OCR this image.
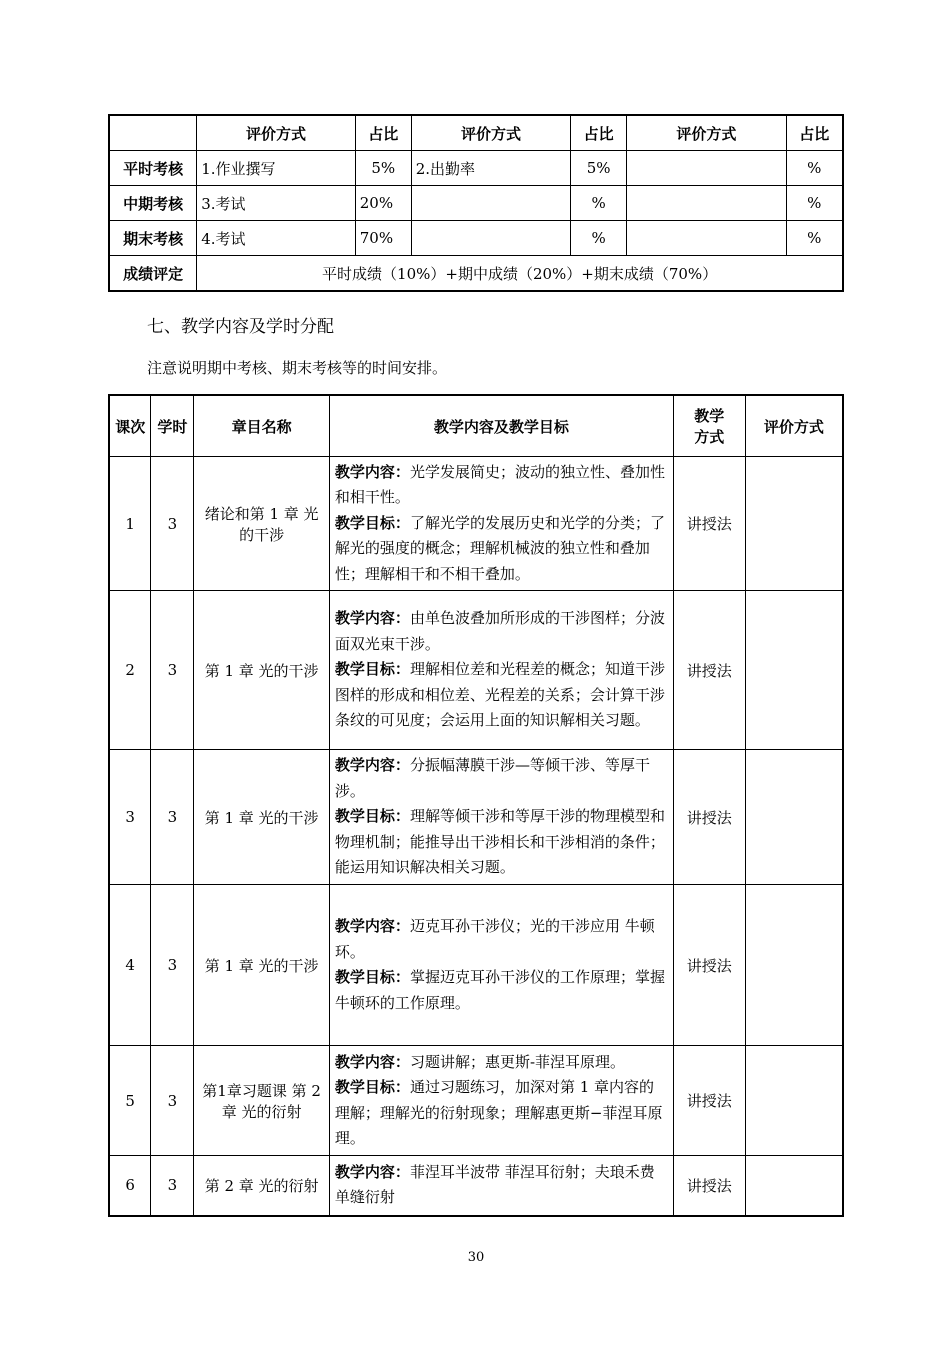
	评价方式	占比	评价方式	占比	评价方式	占比
平时考核	1.作业撰写	5%	2.出勤率	5%		%
中期考核	3.考试	20%		%		%
期末考核	4.考试	70%		%		%
成绩评定	平时成绩（10%）+期中成绩（20%）+期末成绩（70%）					
七、教学内容及学时分配
注意说明期中考核、期末考核等的时间安排。
课次	学时	章目名称	教学内容及教学目标	教学方式	评价方式
1	3	绪论和第 1 章 光的干涉	教学内容：光学发展简史；波动的独立性、叠加性和相干性。
教学目标：了解光学的发展历史和光学的分类；了解光的强度的概念；理解机械波的独立性和叠加性；理解相干和不相干叠加。	讲授法	
2	3	第 1 章 光的干涉	教学内容：由单色波叠加所形成的干涉图样；分波面双光束干涉。
教学目标：理解相位差和光程差的概念；知道干涉图样的形成和相位差、光程差的关系；会计算干涉条纹的可见度；会运用上面的知识解相关习题。	讲授法	
3	3	第 1 章 光的干涉	教学内容：分振幅薄膜干涉—等倾干涉、等厚干涉。
教学目标：理解等倾干涉和等厚干涉的物理模型和物理机制；能推导出干涉相长和干涉相消的条件；能运用知识解决相关习题。	讲授法	
4	3	第 1 章 光的干涉	教学内容：迈克耳孙干涉仪；光的干涉应用 牛顿环。
教学目标：掌握迈克耳孙干涉仪的工作原理；掌握牛顿环的工作原理。	讲授法	
5	3	第1章习题课 第 2 章 光的衍射	教学内容：习题讲解；惠更斯-菲涅耳原理。
教学目标：通过习题练习，加深对第 1 章内容的理解；理解光的衍射现象；理解惠更斯−菲涅耳原理。	讲授法	
6	3	第 2 章 光的衍射	教学内容：菲涅耳半波带 菲涅耳衍射；夫琅禾费单缝衍射	讲授法	
30
